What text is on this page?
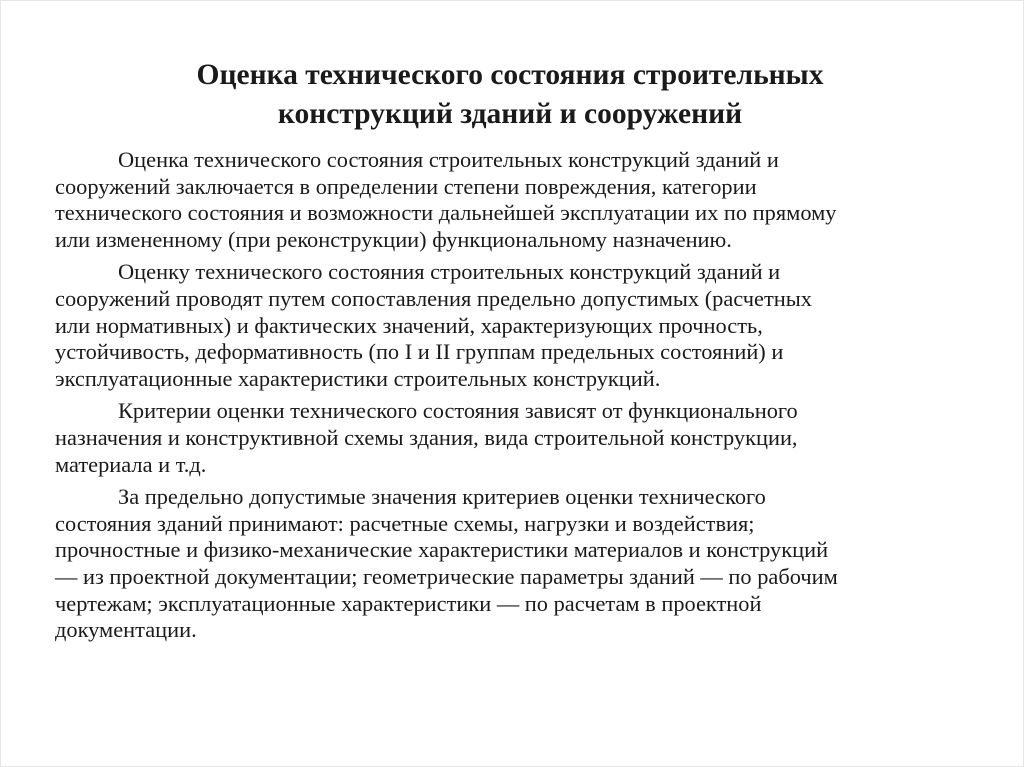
Оценка технического состояния строительных
конструкций зданий и сооружений

Оценка технического состояния строительных конструкций зданий и
сооружений заключается в определении степени повреждения, категории
технического состояния и возможности дальнейшей эксплуатации их по прямому
или измененному (при реконструкции) функциональному назначению.

Оценку технического состояния строительных конструкций зданий и
сооружений проводят путем сопоставления предельно допустимых (расчетных
или нормативных) и фактических значений, характеризующих прочность,
устойчивость, деформативность (по I и II группам предельных состояний) и
эксплуатационные характеристики строительных конструкций.

Критерии оценки технического состояния зависят от функционального
назначения и конструктивной схемы здания, вида строительной конструкции,
материала и т.д.

За предельно допустимые значения критериев оценки технического
состояния зданий принимают: расчетные схемы, нагрузки и воздействия;
прочностные и физико-механические характеристики материалов и конструкций
— из проектной документации; геометрические параметры зданий — по рабочим
чертежам; эксплуатационные характеристики — по расчетам в проектной
документации.
